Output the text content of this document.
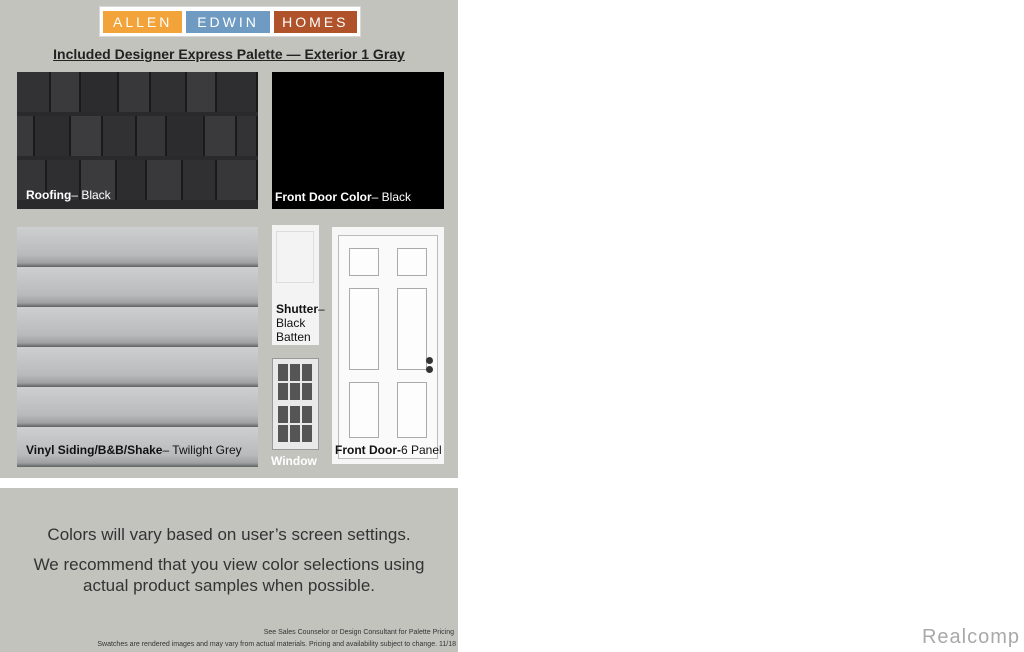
ALLEN	EDWIN	HOMES
Included Designer Express Palette — Exterior 1 Gray
Roofing– Black	Front Door Color– Black
Vinyl Siding/B&B/Shake– Twilight Grey
Shutter–
Black
Batten
Window
Front Door-6 Panel
Colors will vary based on user’s screen settings.
We recommend that you view color selections using
actual product samples when possible.
See Sales Counselor or Design Consultant for Palette Pricing
Swatches are rendered images and may vary from actual materials. Pricing and availability subject to change. 11/18	Realcomp
